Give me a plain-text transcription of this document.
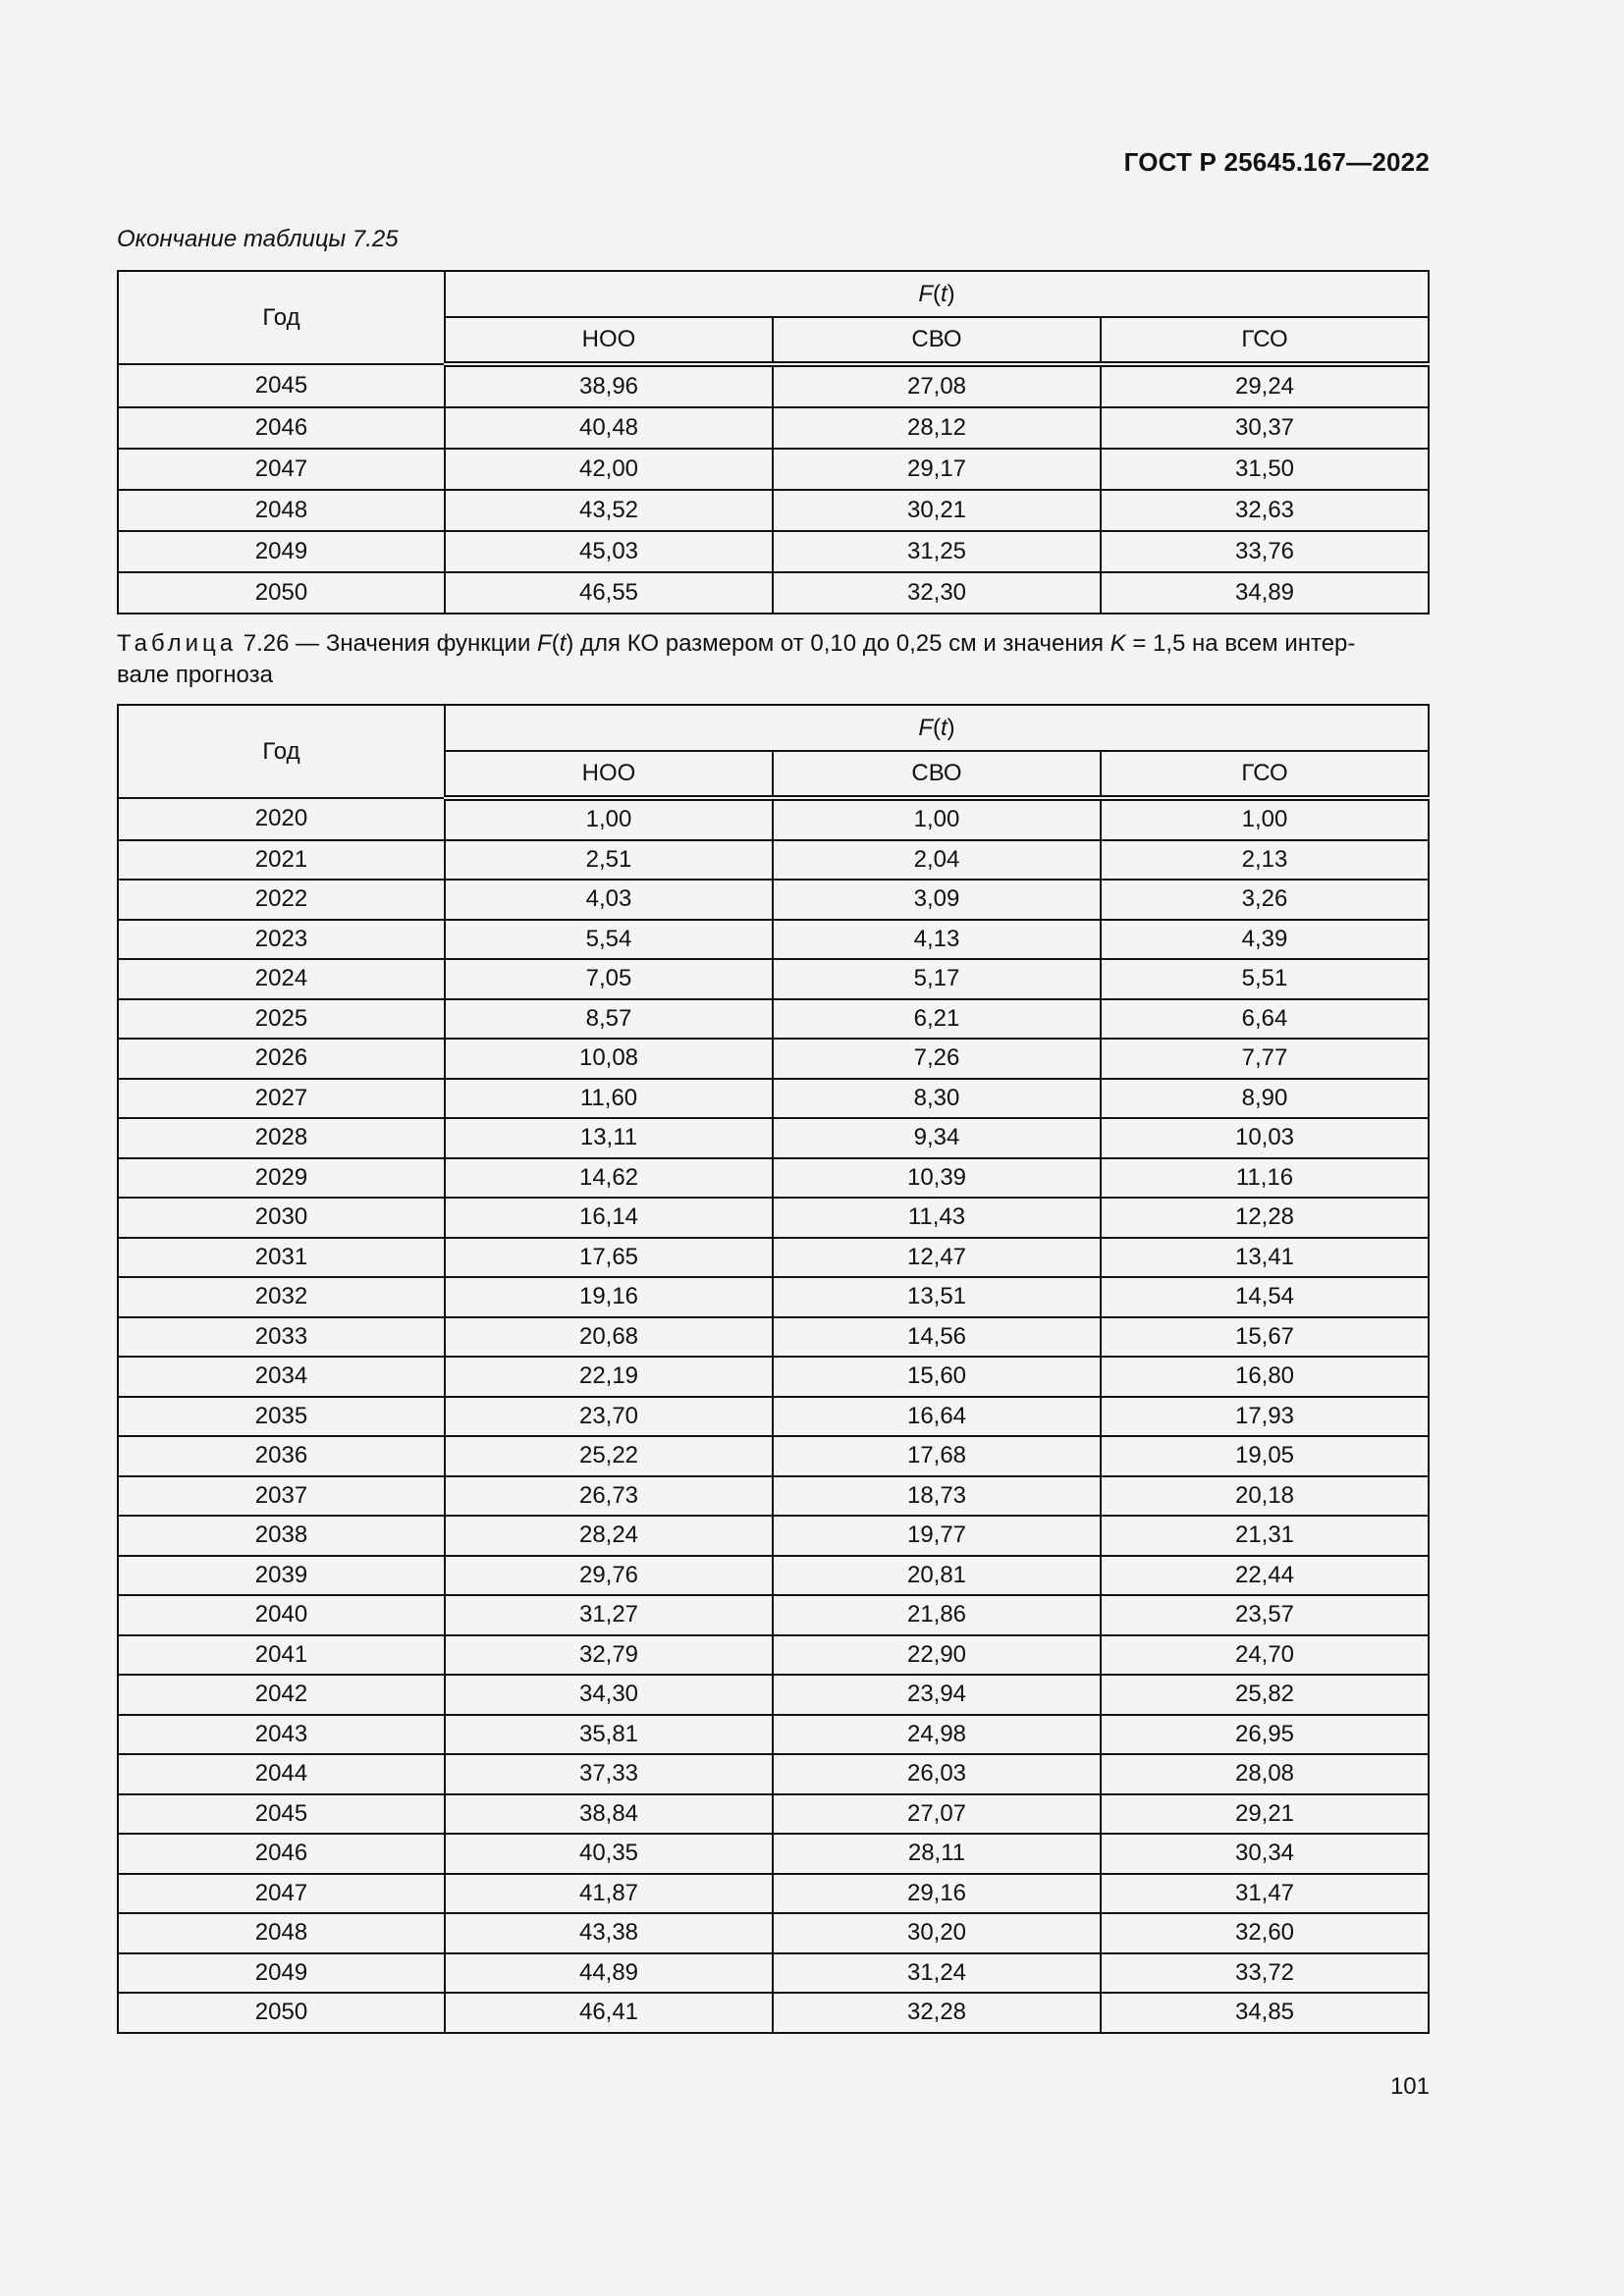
ГОСТ Р 25645.167—2022
Окончание таблицы 7.25
Год	F(t)		
	НОО	СВО	ГСО
2045	38,96	27,08	29,24
2046	40,48	28,12	30,37
2047	42,00	29,17	31,50
2048	43,52	30,21	32,63
2049	45,03	31,25	33,76
2050	46,55	32,30	34,89
Таблица 7.26 — Значения функции F(t) для КО размером от 0,10 до 0,25 см и значения K = 1,5 на всем интер-
вале прогноза
Год	F(t)		
	НОО	СВО	ГСО
2020	1,00	1,00	1,00
2021	2,51	2,04	2,13
2022	4,03	3,09	3,26
2023	5,54	4,13	4,39
2024	7,05	5,17	5,51
2025	8,57	6,21	6,64
2026	10,08	7,26	7,77
2027	11,60	8,30	8,90
2028	13,11	9,34	10,03
2029	14,62	10,39	11,16
2030	16,14	11,43	12,28
2031	17,65	12,47	13,41
2032	19,16	13,51	14,54
2033	20,68	14,56	15,67
2034	22,19	15,60	16,80
2035	23,70	16,64	17,93
2036	25,22	17,68	19,05
2037	26,73	18,73	20,18
2038	28,24	19,77	21,31
2039	29,76	20,81	22,44
2040	31,27	21,86	23,57
2041	32,79	22,90	24,70
2042	34,30	23,94	25,82
2043	35,81	24,98	26,95
2044	37,33	26,03	28,08
2045	38,84	27,07	29,21
2046	40,35	28,11	30,34
2047	41,87	29,16	31,47
2048	43,38	30,20	32,60
2049	44,89	31,24	33,72
2050	46,41	32,28	34,85
101
